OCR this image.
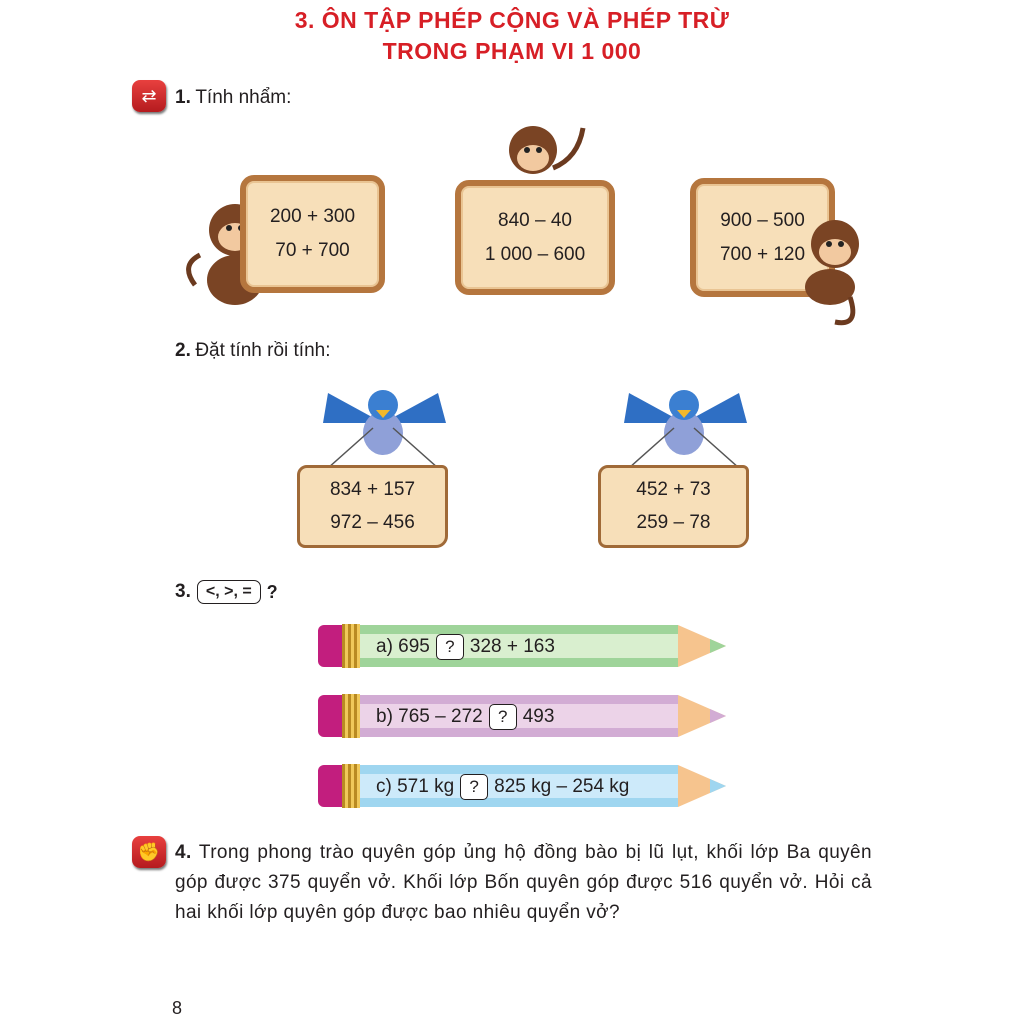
3. ÔN TẬP PHÉP CỘNG VÀ PHÉP TRỪ
TRONG PHẠM VI 1 000
⇄ 1. Tính nhẩm:
200 + 300
70 + 700
840 – 40
1 000 – 600
900 – 500
700 + 120
2. Đặt tính rồi tính:
834 + 157
972 – 456
452 + 73
259 – 78
3. <, >, = ?
a) 695 ? 328 + 163
b) 765 – 272 ? 493
c) 571 kg ? 825 kg – 254 kg
✊ 4. Trong phong trào quyên góp ủng hộ đồng bào bị lũ lụt, khối lớp Ba quyên góp được 375 quyển vở. Khối lớp Bốn quyên góp được 516 quyển vở. Hỏi cả hai khối lớp quyên góp được bao nhiêu quyển vở?
8
